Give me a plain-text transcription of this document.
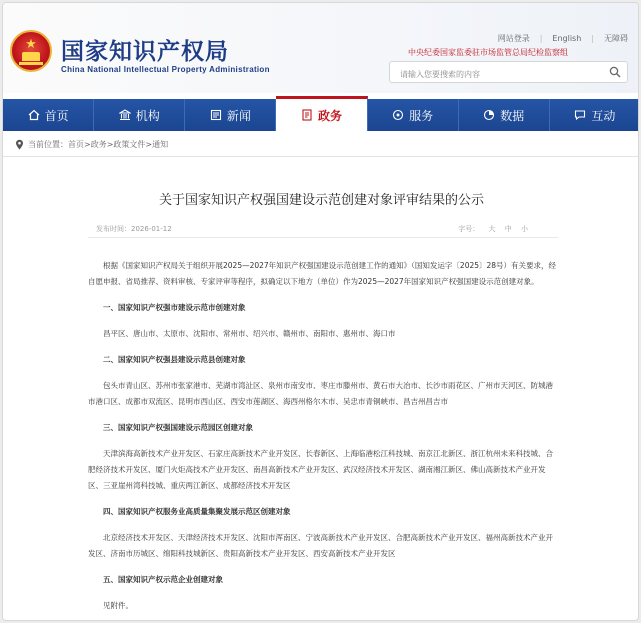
★	国家知识产权局
China National Intellectual Property Administration
网站登录 | English | 无障碍
中央纪委国家监委驻市场监管总局纪检监察组
请输入您要搜索的内容
首页	机构	新闻	政务	服务	数据	互动
当前位置： 首页>政务>政策文件>通知
关于国家知识产权强国建设示范创建对象评审结果的公示
发布时间：2026-01-12	字号： 大 中 小

根据《国家知识产权局关于组织开展2025—2027年知识产权强国建设示范创建工作的通知》（国知发运字〔2025〕28号）有关要求，经自愿申报、省局推荐、资料审核、专家评审等程序，拟确定以下地方（单位）作为2025—2027年国家知识产权强国建设示范创建对象。

一、国家知识产权强市建设示范市创建对象

昌平区、唐山市、太原市、沈阳市、常州市、绍兴市、赣州市、南阳市、惠州市、海口市

二、国家知识产权强县建设示范县创建对象

包头市青山区、苏州市张家港市、芜湖市湾沚区、泉州市南安市、枣庄市滕州市、黄石市大冶市、长沙市雨花区、广州市天河区、防城港市港口区、成都市双流区、昆明市西山区、西安市莲湖区、海西州格尔木市、吴忠市青铜峡市、昌吉州昌吉市

三、国家知识产权强国建设示范园区创建对象

天津滨海高新技术产业开发区、石家庄高新技术产业开发区、长春新区、上海临港松江科技城、南京江北新区、浙江杭州未来科技城、合肥经济技术开发区、厦门火炬高技术产业开发区、南昌高新技术产业开发区、武汉经济技术开发区、湖南湘江新区、佛山高新技术产业开发区、三亚崖州湾科技城、重庆两江新区、成都经济技术开发区

四、国家知识产权服务业高质量集聚发展示范区创建对象

北京经济技术开发区、天津经济技术开发区、沈阳市浑南区、宁波高新技术产业开发区、合肥高新技术产业开发区、福州高新技术产业开发区、济南市历城区、绵阳科技城新区、贵阳高新技术产业开发区、西安高新技术产业开发区

五、国家知识产权示范企业创建对象

见附件。
